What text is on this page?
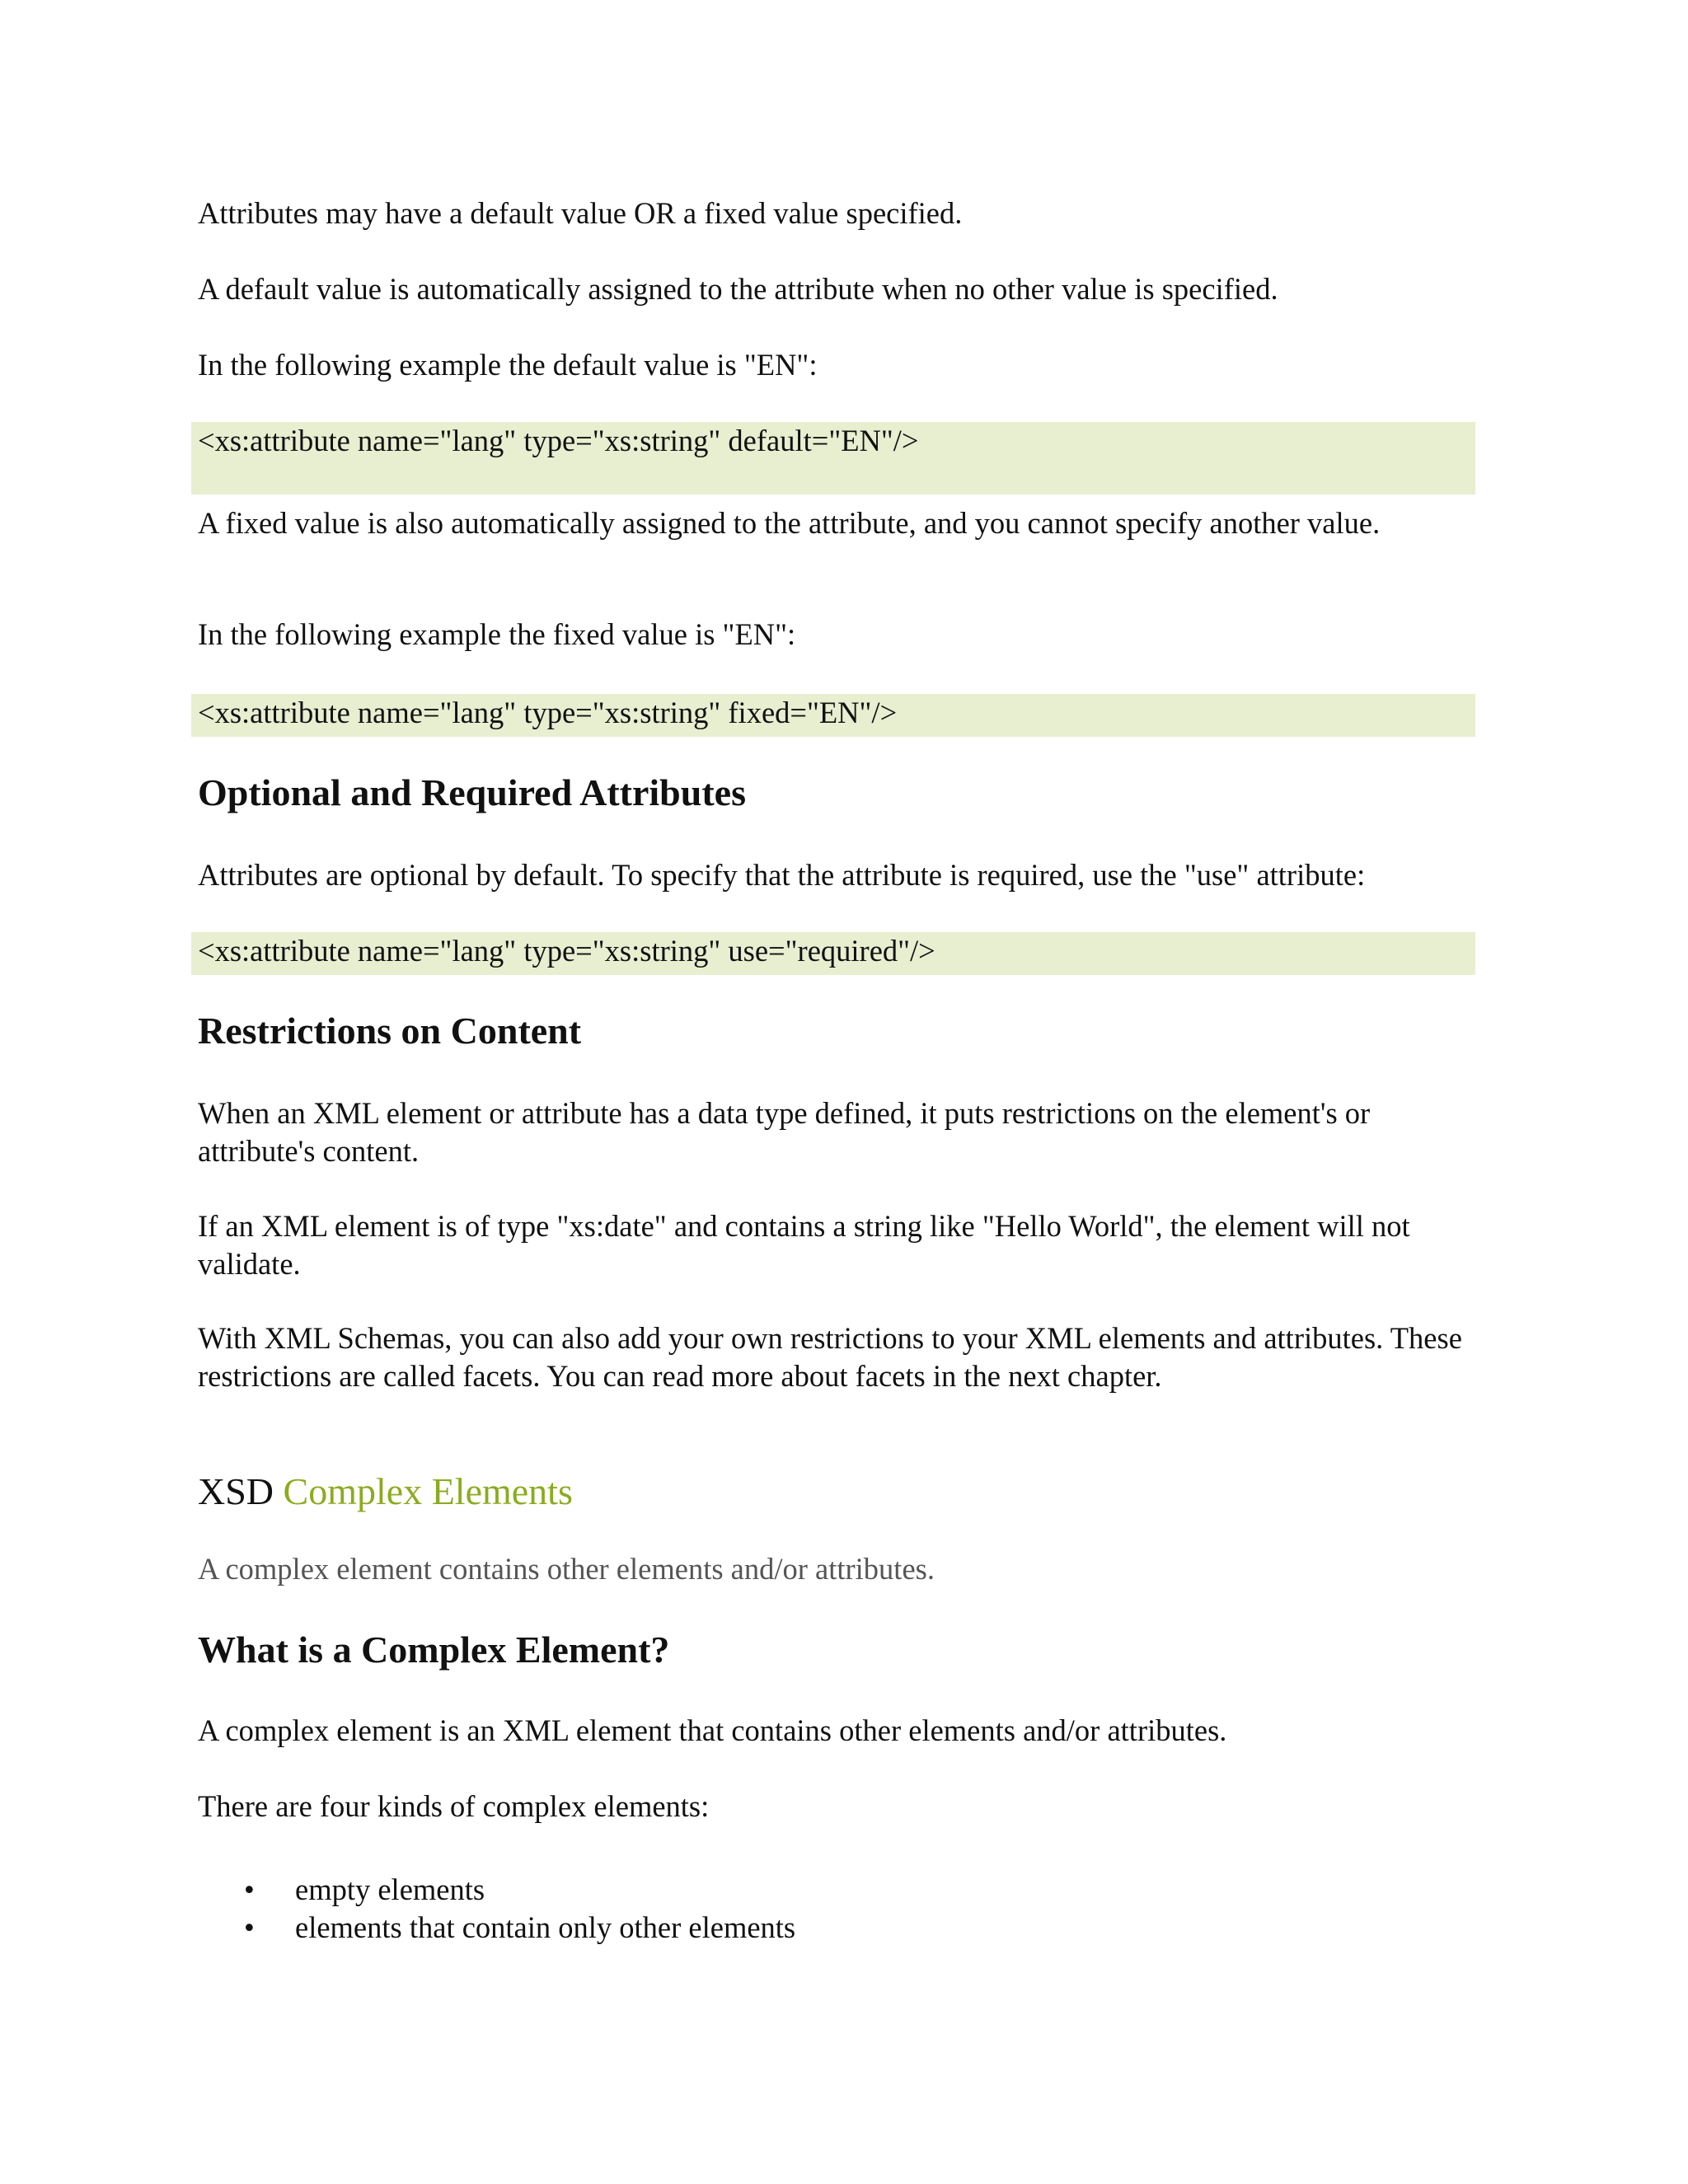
Attributes may have a default value OR a fixed value specified.

A default value is automatically assigned to the attribute when no other value is specified.

In the following example the default value is "EN":

<xs:attribute name="lang" type="xs:string" default="EN"/>

A fixed value is also automatically assigned to the attribute, and you cannot specify another value.

In the following example the fixed value is "EN":

<xs:attribute name="lang" type="xs:string" fixed="EN"/>
Optional and Required Attributes

Attributes are optional by default. To specify that the attribute is required, use the "use" attribute:

<xs:attribute name="lang" type="xs:string" use="required"/>
Restrictions on Content

When an XML element or attribute has a data type defined, it puts restrictions on the element's or attribute's content.

If an XML element is of type "xs:date" and contains a string like "Hello World", the element will not validate.

With XML Schemas, you can also add your own restrictions to your XML elements and attributes. These restrictions are called facets. You can read more about facets in the next chapter.

XSD Complex Elements

A complex element contains other elements and/or attributes.

What is a Complex Element?

A complex element is an XML element that contains other elements and/or attributes.

There are four kinds of complex elements:

• empty elements
• elements that contain only other elements
